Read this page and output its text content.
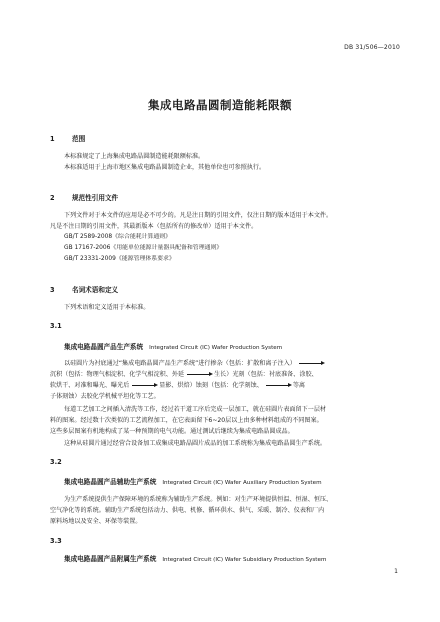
DB 31/506—2010
集成电路晶圆制造能耗限额
1	范围
本标准规定了上海集成电路晶圆制造能耗限额标准。
本标准适用于上海市地区集成电路晶圆制造企业，其他单位也可参照执行。
2	规范性引用文件
下列文件对于本文件的应用是必不可少的。凡是注日期的引用文件，仅注日期的版本适用于本文件。
凡是不注日期的引用文件，其最新版本（包括所有的修改单）适用于本文件。
GB/T 2589-2008《综合能耗计算通则》
GB 17167-2006《用能单位能源计量器具配备和管理通则》
GB/T 23331-2009《能源管理体系要求》
3	名词术语和定义
下列术语和定义适用于本标准。
3.1
集成电路晶圆产品生产系统 Integrated Circuit (IC) Wafer Production System
以硅圆片为衬底通过“集成电路晶圆产品生产系统”进行掺杂（包括：扩散和离子注入）
沉积（包括：物理气相淀积、化学气相淀积、外延	生长）光刻（包括：衬底准备、涂胶、
软烘干、对准和曝光、曝光后	显影、烘焙）蚀刻（包括：化学刻蚀、	等离
子体刻蚀）去胶化学机械平坦化等工艺。
每道工艺加工之间插入清洗等工作，经过若干道工序后完成一层加工，就在硅圆片表面留下一层材
料的图案。经过数十次类似的工艺流程加工，在它表面留下6~20层以上由多种材料组成的不同图案。
这些多层图案有机地构成了某一种预期的电气功能。通过测试后继续为集成电路晶圆成品。
这种从硅圆片通过经营合设备加工成集成电路晶圆片成品的加工系统称为集成电路晶圆生产系统。
3.2
集成电路晶圆产品辅助生产系统 Integrated Circuit (IC) Wafer Auxiliary Production System
为生产系统提供生产保障环境的系统称为辅助生产系统。例如：对生产环境提供恒温、恒湿、恒压、
空气净化等的系统。辅助生产系统包括动力、供电、机修、循环供水、供气、采暖、制冷、仪表和厂内
原料场地以及安全、环保等装置。
3.3
集成电路晶圆产品附属生产系统 Integrated Circuit (IC) Wafer Subsidiary Production System
1
